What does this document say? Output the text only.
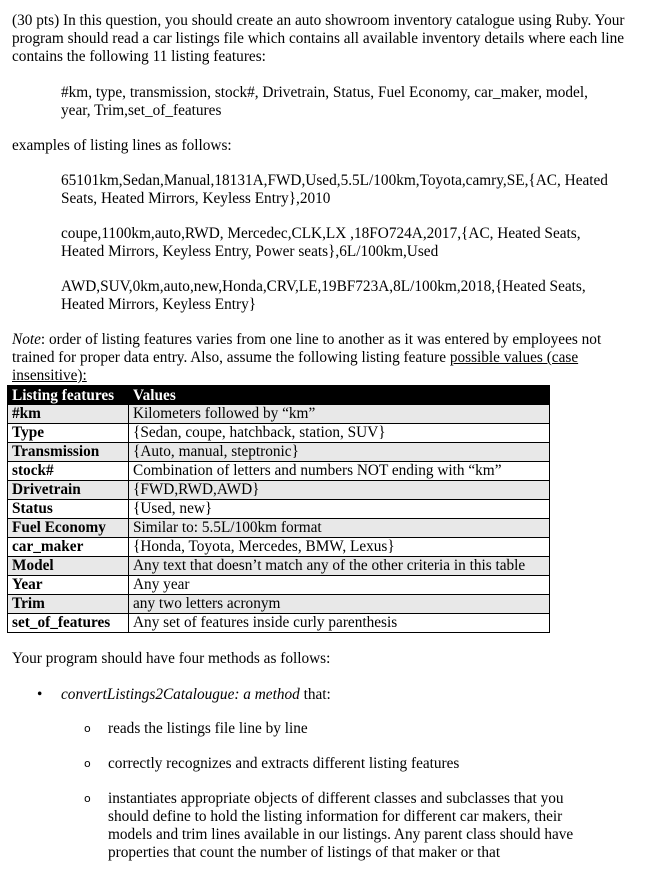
(30 pts) In this question, you should create an auto showroom inventory catalogue using Ruby. Your program should read a car listings file which contains all available inventory details where each line contains the following 11 listing features:

#km, type, transmission, stock#, Drivetrain, Status, Fuel Economy, car_maker, model, year, Trim,set_of_features

examples of listing lines as follows:

65101km,Sedan,Manual,18131A,FWD,Used,5.5L/100km,Toyota,camry,SE,{AC, Heated Seats, Heated Mirrors, Keyless Entry},2010

coupe,1100km,auto,RWD, Mercedec,CLK,LX ,18FO724A,2017,{AC, Heated Seats, Heated Mirrors, Keyless Entry, Power seats},6L/100km,Used

AWD,SUV,0km,auto,new,Honda,CRV,LE,19BF723A,8L/100km,2018,{Heated Seats, Heated Mirrors, Keyless Entry}

Note: order of listing features varies from one line to another as it was entered by employees not trained for proper data entry. Also, assume the following listing feature possible values (case insensitive):

Listing features	Values
#km	Kilometers followed by “km”
Type	{Sedan, coupe, hatchback, station, SUV}
Transmission	{Auto, manual, steptronic}
stock#	Combination of letters and numbers NOT ending with “km”
Drivetrain	{FWD,RWD,AWD}
Status	{Used, new}
Fuel Economy	Similar to: 5.5L/100km format
car_maker	{Honda, Toyota, Mercedes, BMW, Lexus}
Model	Any text that doesn’t match any of the other criteria in this table
Year	Any year
Trim	any two letters acronym
set_of_features	Any set of features inside curly parenthesis

Your program should have four methods as follows:

• convertListings2Catalougue: a method that:

o reads the listings file line by line

o correctly recognizes and extracts different listing features

o instantiates appropriate objects of different classes and subclasses that you should define to hold the listing information for different car makers, their models and trim lines available in our listings. Any parent class should have properties that count the number of listings of that maker or that
